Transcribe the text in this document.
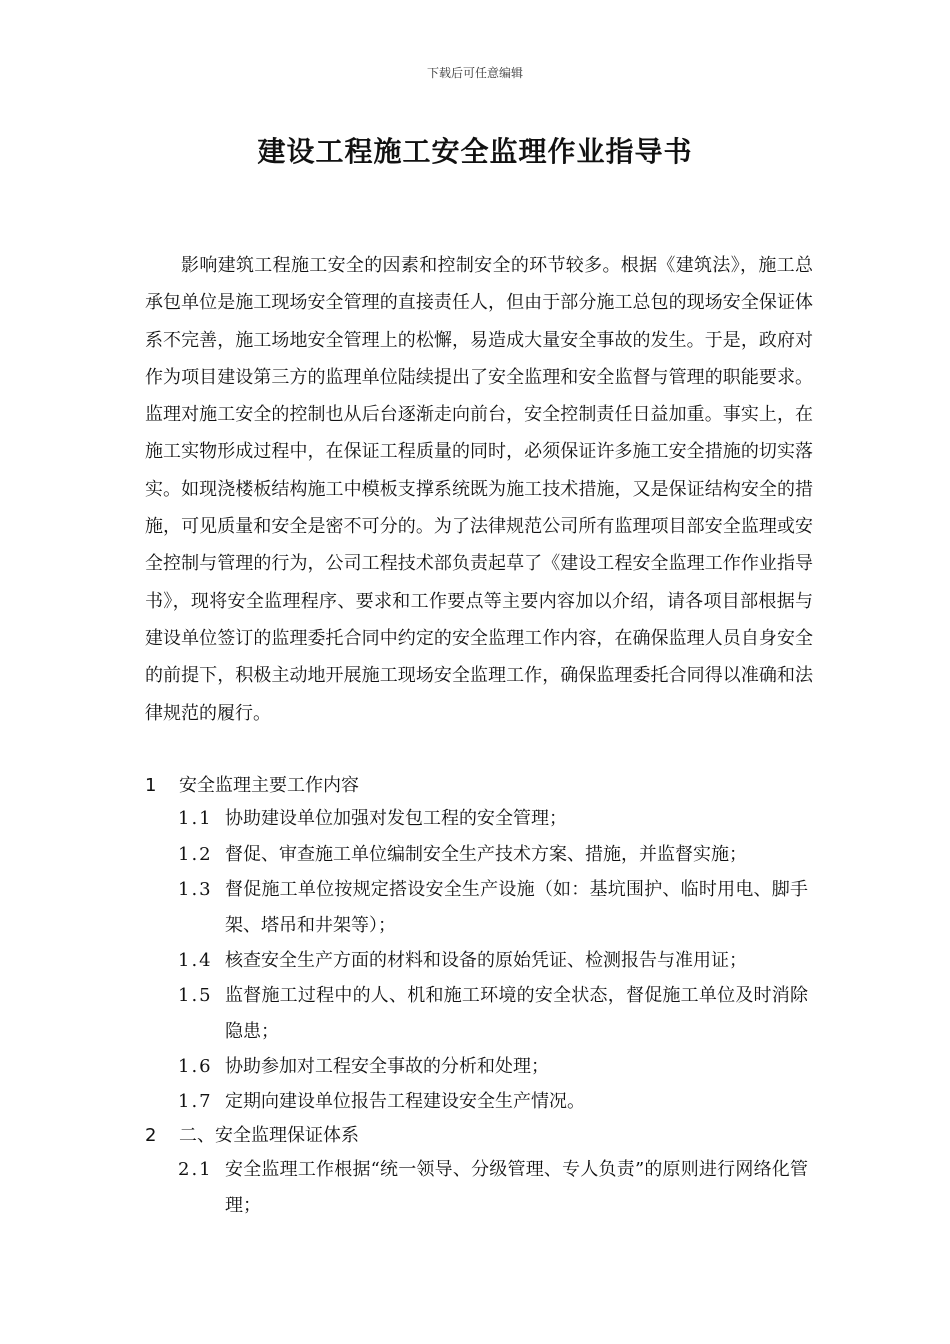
下载后可任意编辑
建设工程施工安全监理作业指导书

影响建筑工程施工安全的因素和控制安全的环节较多。根据《建筑法》，施工总承包单位是施工现场安全管理的直接责任人，但由于部分施工总包的现场安全保证体系不完善，施工场地安全管理上的松懈，易造成大量安全事故的发生。于是，政府对作为项目建设第三方的监理单位陆续提出了安全监理和安全监督与管理的职能要求。监理对施工安全的控制也从后台逐渐走向前台，安全控制责任日益加重。事实上，在施工实物形成过程中，在保证工程质量的同时，必须保证许多施工安全措施的切实落实。如现浇楼板结构施工中模板支撑系统既为施工技术措施，又是保证结构安全的措施，可见质量和安全是密不可分的。为了法律规范公司所有监理项目部安全监理或安全控制与管理的行为，公司工程技术部负责起草了《建设工程安全监理工作作业指导书》，现将安全监理程序、要求和工作要点等主要内容加以介绍，请各项目部根据与建设单位签订的监理委托合同中约定的安全监理工作内容，在确保监理人员自身安全的前提下，积极主动地开展施工现场安全监理工作，确保监理委托合同得以准确和法律规范的履行。

1 安全监理主要工作内容
1.1 协助建设单位加强对发包工程的安全管理；
1.2 督促、审查施工单位编制安全生产技术方案、措施，并监督实施；
1.3 督促施工单位按规定搭设安全生产设施（如：基坑围护、临时用电、脚手架、塔吊和井架等）；
1.4 核查安全生产方面的材料和设备的原始凭证、检测报告与准用证；
1.5 监督施工过程中的人、机和施工环境的安全状态，督促施工单位及时消除隐患；
1.6 协助参加对工程安全事故的分析和处理；
1.7 定期向建设单位报告工程建设安全生产情况。
2 二、安全监理保证体系
2.1 安全监理工作根据“统一领导、分级管理、专人负责”的原则进行网络化管理；
